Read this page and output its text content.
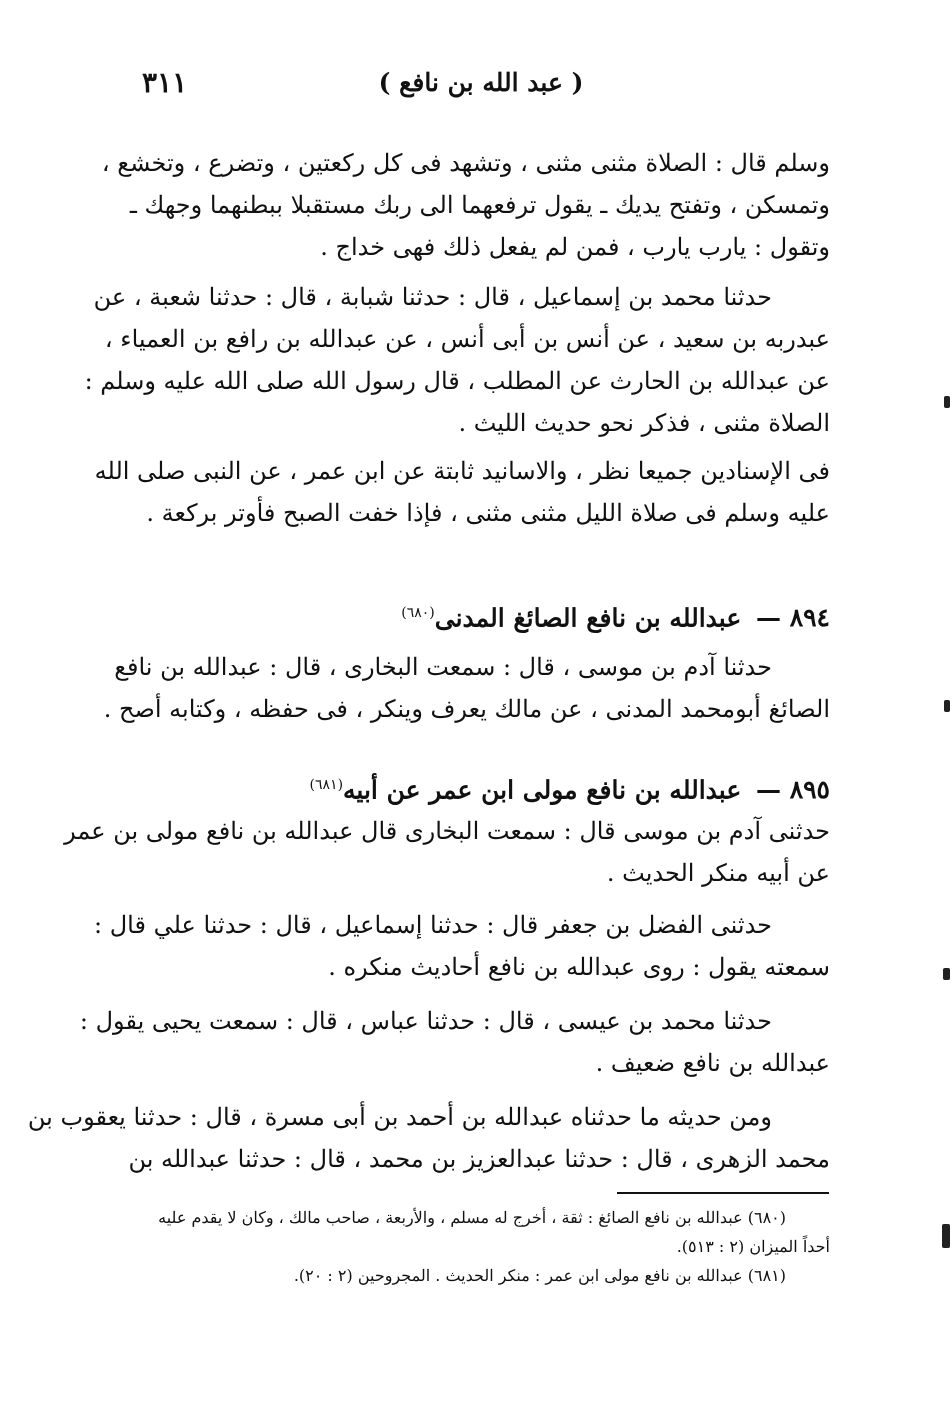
٣١١	( عبد الله بن نافع )
وسلم قال : الصلاة مثنى مثنى ، وتشهد فى كل ركعتين ، وتضرع ، وتخشع ،
وتمسكن ، وتفتح يديك ـ يقول ترفعهما الى ربك مستقبلا ببطنهما وجهك ـ
وتقول : يارب يارب ، فمن لم يفعل ذلك فهى خداج .
حدثنا محمد بن إسماعيل ، قال : حدثنا شبابة ، قال : حدثنا شعبة ، عن
عبدربه بن سعيد ، عن أنس بن أبى أنس ، عن عبدالله بن رافع بن العمياء ،
عن عبدالله بن الحارث عن المطلب ، قال رسول الله صلى الله عليه وسلم :
الصلاة مثنى ، فذكر نحو حديث الليث .
فى الإسنادين جميعا نظر ، والاسانيد ثابتة عن ابن عمر ، عن النبى صلى الله
عليه وسلم فى صلاة الليل مثنى مثنى ، فإذا خفت الصبح فأوتر بركعة .
٨٩٤ — عبدالله بن نافع الصائغ المدنى$^{(٦٨٠)}$
حدثنا آدم بن موسى ، قال : سمعت البخارى ، قال : عبدالله بن نافع
الصائغ أبومحمد المدنى ، عن مالك يعرف وينكر ، فى حفظه ، وكتابه أصح .
٨٩٥ — عبدالله بن نافع مولى ابن عمر عن أبيه$^{(٦٨١)}$
حدثنى آدم بن موسى قال : سمعت البخارى قال عبدالله بن نافع مولى بن عمر
عن أبيه منكر الحديث .
حدثنى الفضل بن جعفر قال : حدثنا إسماعيل ، قال : حدثنا علي قال :
سمعته يقول : روى عبدالله بن نافع أحاديث منكره .
حدثنا محمد بن عيسى ، قال : حدثنا عباس ، قال : سمعت يحيى يقول :
عبدالله بن نافع ضعيف .
ومن حديثه ما حدثناه عبدالله بن أحمد بن أبى مسرة ، قال : حدثنا يعقوب بن
محمد الزهرى ، قال : حدثنا عبدالعزيز بن محمد ، قال : حدثنا عبدالله بن
(٦٨٠) عبدالله بن نافع الصائغ : ثقة ، أخرج له مسلم ، والأربعة ، صاحب مالك ، وكان لا يقدم عليه
أحداً الميزان (٢ : ٥١٣).
(٦٨١) عبدالله بن نافع مولى ابن عمر : منكر الحديث . المجروحين (٢ : ٢٠).
